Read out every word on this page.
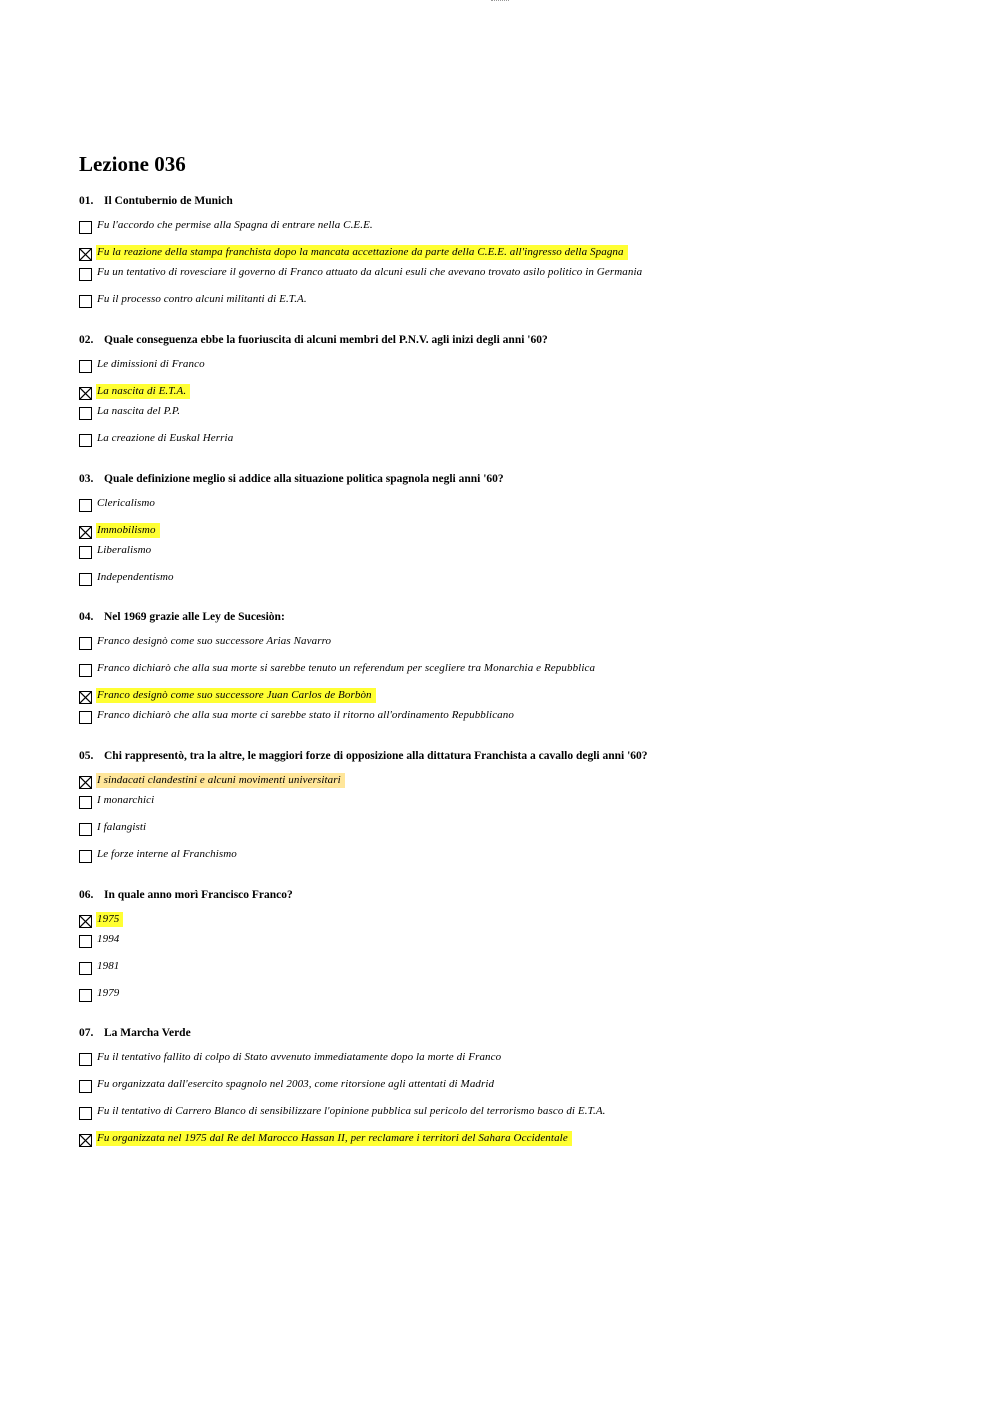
Lezione 036
01. Il Contubernio de Munich
Fu l'accordo che permise alla Spagna di entrare nella C.E.E.
Fu la reazione della stampa franchista dopo la mancata accettazione da parte della C.E.E. all'ingresso della Spagna
Fu un tentativo di rovesciare il governo di Franco attuato da alcuni esuli che avevano trovato asilo politico in Germania
Fu il processo contro alcuni militanti di E.T.A.
02. Quale conseguenza ebbe la fuoriuscita di alcuni membri del P.N.V. agli inizi degli anni '60?
Le dimissioni di Franco
La nascita di E.T.A.
La nascita del P.P.
La creazione di Euskal Herria
03. Quale definizione meglio si addice alla situazione politica spagnola negli anni '60?
Clericalismo
Immobilismo
Liberalismo
Independentismo
04. Nel 1969 grazie alle Ley de Sucesiòn:
Franco designò come suo successore Arias Navarro
Franco dichiarò che alla sua morte si sarebbe tenuto un referendum per scegliere tra Monarchia e Repubblica
Franco designò come suo successore Juan Carlos de Borbòn
Franco dichiarò che alla sua morte ci sarebbe stato il ritorno all'ordinamento Repubblicano
05. Chi rappresentò, tra la altre, le maggiori forze di opposizione alla dittatura Franchista a cavallo degli anni '60?
I sindacati clandestini e alcuni movimenti universitari
I monarchici
I falangisti
Le forze interne al Franchismo
06. In quale anno morì Francisco Franco?
1975
1994
1981
1979
07. La Marcha Verde
Fu il tentativo fallito di colpo di Stato avvenuto immediatamente dopo la morte di Franco
Fu organizzata dall'esercito spagnolo nel 2003, come ritorsione agli attentati di Madrid
Fu il tentativo di Carrero Blanco di sensibilizzare l'opinione pubblica sul pericolo del terrorismo basco di E.T.A.
Fu organizzata nel 1975 dal Re del Marocco Hassan II, per reclamare i territori del Sahara Occidentale
